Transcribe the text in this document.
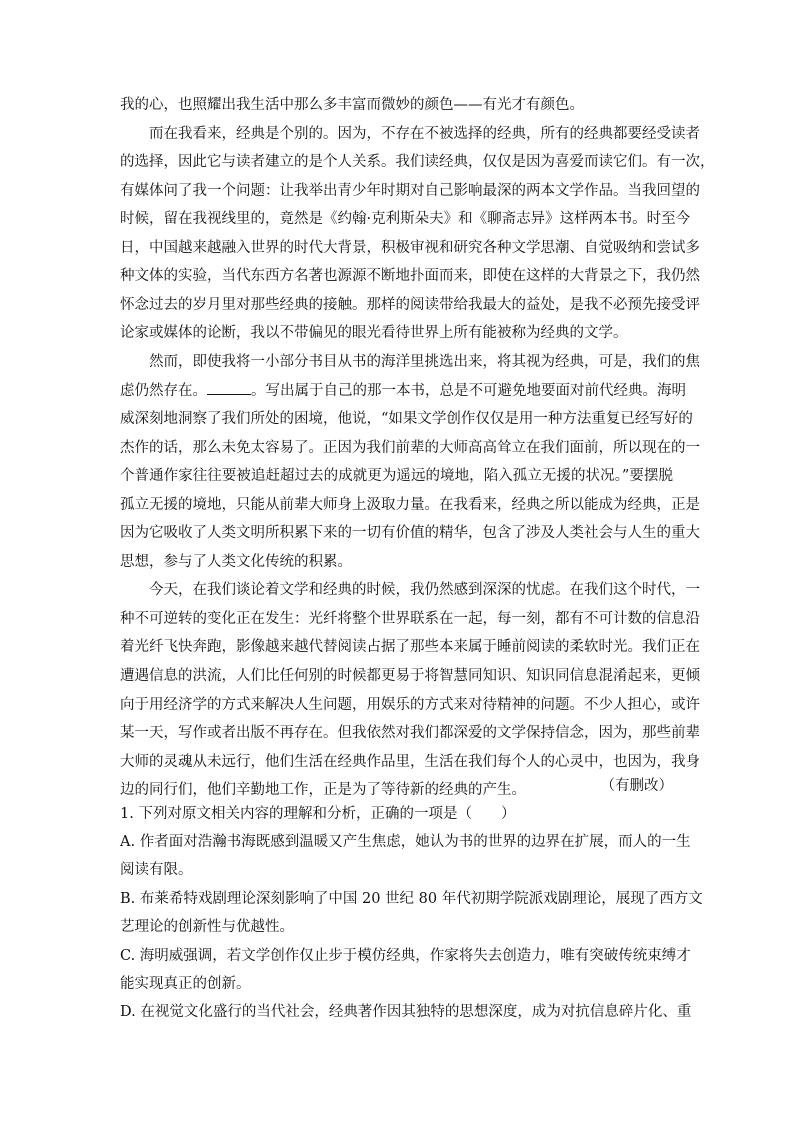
我的心，也照耀出我生活中那么多丰富而微妙的颜色——有光才有颜色。
而在我看来，经典是个别的。因为，不存在不被选择的经典，所有的经典都要经受读者
的选择，因此它与读者建立的是个人关系。我们读经典，仅仅是因为喜爱而读它们。有一次，
有媒体问了我一个问题：让我举出青少年时期对自己影响最深的两本文学作品。当我回望的
时候，留在我视线里的，竟然是《约翰·克利斯朵夫》和《聊斋志异》这样两本书。时至今
日，中国越来越融入世界的时代大背景，积极审视和研究各种文学思潮、自觉吸纳和尝试多
种文体的实验，当代东西方名著也源源不断地扑面而来，即使在这样的大背景之下，我仍然
怀念过去的岁月里对那些经典的接触。那样的阅读带给我最大的益处，是我不必预先接受评
论家或媒体的论断，我以不带偏见的眼光看待世界上所有能被称为经典的文学。
然而，即使我将一小部分书目从书的海洋里挑选出来，将其视为经典，可是，我们的焦
虑仍然存在。	。写出属于自己的那一本书，总是不可避免地要面对前代经典。海明
威深刻地洞察了我们所处的困境，他说，“如果文学创作仅仅是用一种方法重复已经写好的
杰作的话，那么未免太容易了。正因为我们前辈的大师高高耸立在我们面前，所以现在的一
个普通作家往往要被追赶超过去的成就更为遥远的境地，陷入孤立无援的状况。”要摆脱
孤立无援的境地，只能从前辈大师身上汲取力量。在我看来，经典之所以能成为经典，正是
因为它吸收了人类文明所积累下来的一切有价值的精华，包含了涉及人类社会与人生的重大
思想，参与了人类文化传统的积累。
今天，在我们谈论着文学和经典的时候，我仍然感到深深的忧虑。在我们这个时代，一
种不可逆转的变化正在发生：光纤将整个世界联系在一起，每一刻，都有不可计数的信息沿
着光纤飞快奔跑，影像越来越代替阅读占据了那些本来属于睡前阅读的柔软时光。我们正在
遭遇信息的洪流，人们比任何别的时候都更易于将智慧同知识、知识同信息混淆起来，更倾
向于用经济学的方式来解决人生问题，用娱乐的方式来对待精神的问题。不少人担心，或许
某一天，写作或者出版不再存在。但我依然对我们都深爱的文学保持信念，因为，那些前辈
大师的灵魂从未远行，他们生活在经典作品里，生活在我们每个人的心灵中，也因为，我身
边的同行们，他们辛勤地工作，正是为了等待新的经典的产生。	（有删改）
1. 下列对原文相关内容的理解和分析，正确的一项是（　　）
A. 作者面对浩瀚书海既感到温暖又产生焦虑，她认为书的世界的边界在扩展，而人的一生
阅读有限。
B. 布莱希特戏剧理论深刻影响了中国 20 世纪 80 年代初期学院派戏剧理论，展现了西方文
艺理论的创新性与优越性。
C. 海明威强调，若文学创作仅止步于模仿经典，作家将失去创造力，唯有突破传统束缚才
能实现真正的创新。
D. 在视觉文化盛行的当代社会，经典著作因其独特的思想深度，成为对抗信息碎片化、重
